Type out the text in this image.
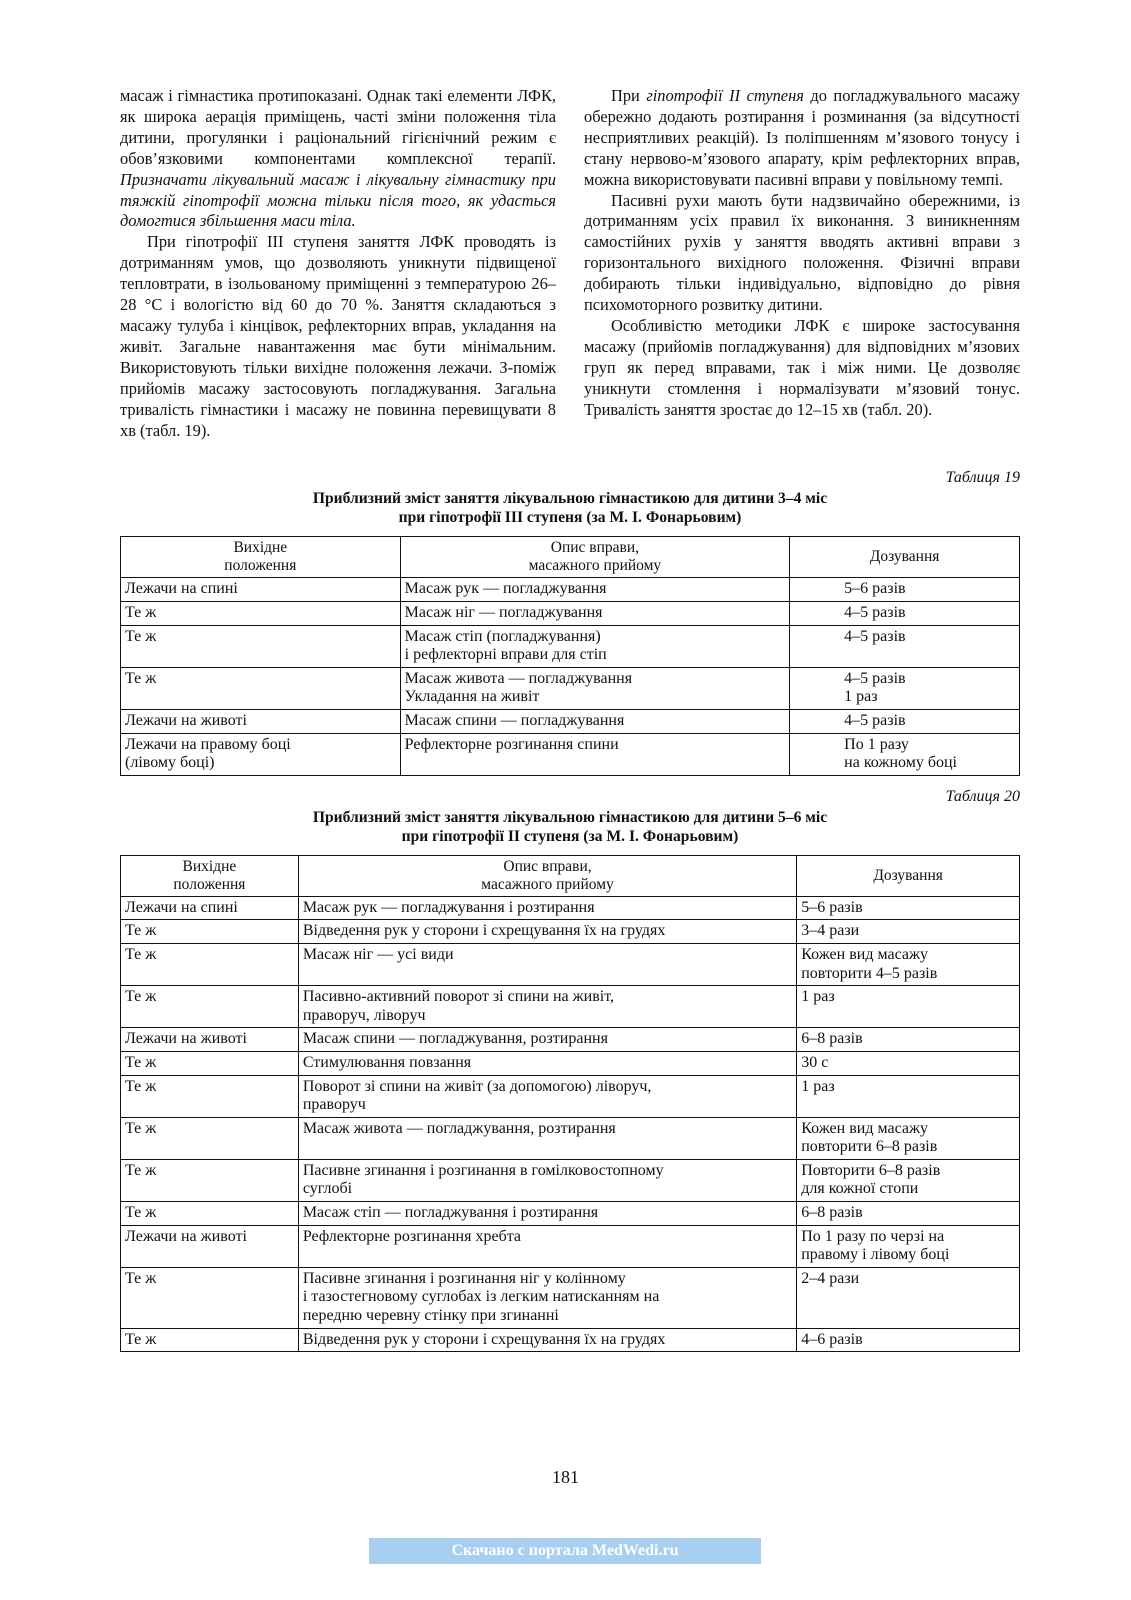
масаж і гімнастика протипоказані. Однак такі елементи ЛФК, як широка аерація приміщень, часті зміни положення тіла дитини, прогулянки і раціональний гігієнічний режим є обов’язковими компонентами комплексної терапії. Призначати лікувальний масаж і лікувальну гімнастику при тяжкій гіпотрофії можна тільки після того, як удасться домогтися збільшення маси тіла.

При гіпотрофії III ступеня заняття ЛФК проводять із дотриманням умов, що дозволяють уникнути підвищеної тепловтрати, в ізольованому приміщенні з температурою 26–28 °С і вологістю від 60 до 70 %. Заняття складаються з масажу тулуба і кінцівок, рефлекторних вправ, укладання на живіт. Загальне навантаження має бути мінімальним. Використовують тільки вихідне положення лежачи. З-поміж прийомів масажу застосовують погладжування. Загальна тривалість гімнастики і масажу не повинна перевищувати 8 хв (табл. 19).

При гіпотрофії II ступеня до погладжувального масажу обережно додають розтирання і розминання (за відсутності несприятливих реакцій). Із поліпшенням м’язового тонусу і стану нервово-м’язового апарату, крім рефлекторних вправ, можна використовувати пасивні вправи у повільному темпі.

Пасивні рухи мають бути надзвичайно обережними, із дотриманням усіх правил їх виконання. З виникненням самостійних рухів у заняття вводять активні вправи з горизонтального вихідного положення. Фізичні вправи добирають тільки індивідуально, відповідно до рівня психомоторного розвитку дитини.

Особливістю методики ЛФК є широке застосування масажу (прийомів погладжування) для відповідних м’язових груп як перед вправами, так і між ними. Це дозволяє уникнути стомлення і нормалізувати м’язовий тонус. Тривалість заняття зростає до 12–15 хв (табл. 20).

Таблиця 19
Приблизний зміст заняття лікувальною гімнастикою для дитини 3–4 міс
при гіпотрофії III ступеня (за М. І. Фонарьовим)
Вихідне
положення	Опис вправи,
масажного прийому	Дозування
Лежачи на спині	Масаж рук — погладжування	5–6 разів
Те ж	Масаж ніг — погладжування	4–5 разів
Те ж	Масаж стіп (погладжування)
і рефлекторні вправи для стіп	4–5 разів
Те ж	Масаж живота — погладжування
Укладання на живіт	4–5 разів
1 раз
Лежачи на животі	Масаж спини — погладжування	4–5 разів
Лежачи на правому боці
(лівому боці)	Рефлекторне розгинання спини	По 1 разу
на кожному боці
Таблиця 20
Приблизний зміст заняття лікувальною гімнастикою для дитини 5–6 міс
при гіпотрофії II ступеня (за М. І. Фонарьовим)
Вихідне
положення	Опис вправи,
масажного прийому	Дозування
Лежачи на спині	Масаж рук — погладжування і розтирання	5–6 разів
Те ж	Відведення рук у сторони і схрещування їх на грудях	3–4 рази
Те ж	Масаж ніг — усі види	Кожен вид масажу
повторити 4–5 разів
Те ж	Пасивно-активний поворот зі спини на живіт,
праворуч, ліворуч	1 раз
Лежачи на животі	Масаж спини — погладжування, розтирання	6–8 разів
Те ж	Стимулювання повзання	30 с
Те ж	Поворот зі спини на живіт (за допомогою) ліворуч,
праворуч	1 раз
Те ж	Масаж живота — погладжування, розтирання	Кожен вид масажу
повторити 6–8 разів
Те ж	Пасивне згинання і розгинання в гомілковостопному
суглобі	Повторити 6–8 разів
для кожної стопи
Те ж	Масаж стіп — погладжування і розтирання	6–8 разів
Лежачи на животі	Рефлекторне розгинання хребта	По 1 разу по черзі на
правому і лівому боці
Те ж	Пасивне згинання і розгинання ніг у колінному
і тазостегновому суглобах із легким натисканням на
передню черевну стінку при згинанні	2–4 рази
Те ж	Відведення рук у сторони і схрещування їх на грудях	4–6 разів
181
Скачано с портала MedWedi.ru
